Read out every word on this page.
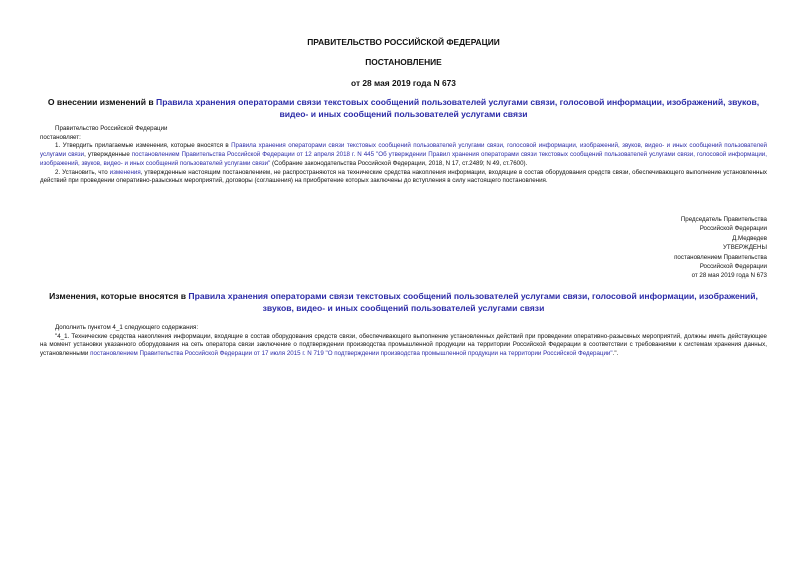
ПРАВИТЕЛЬСТВО РОССИЙСКОЙ ФЕДЕРАЦИИ
ПОСТАНОВЛЕНИЕ
от 28 мая 2019 года N 673
О внесении изменений в Правила хранения операторами связи текстовых сообщений пользователей услугами связи, голосовой информации, изображений, звуков, видео- и иных сообщений пользователей услугами связи

Правительство Российской Федерации

постановляет:

1. Утвердить прилагаемые изменения, которые вносятся в Правила хранения операторами связи текстовых сообщений пользователей услугами связи, голосовой информации, изображений, звуков, видео- и иных сообщений пользователей услугами связи, утвержденные постановлением Правительства Российской Федерации от 12 апреля 2018 г. N 445 "Об утверждении Правил хранения операторами связи текстовых сообщений пользователей услугами связи, голосовой информации, изображений, звуков, видео- и иных сообщений пользователей услугами связи" (Собрание законодательства Российской Федерации, 2018, N 17, ст.2489; N 49, ст.7600).

2. Установить, что изменения, утвержденные настоящим постановлением, не распространяются на технические средства накопления информации, входящие в состав оборудования средств связи, обеспечивающего выполнение установленных действий при проведении оперативно-разыскных мероприятий, договоры (соглашения) на приобретение которых заключены до вступления в силу настоящего постановления.

Председатель Правительства
Российской Федерации
Д.Медведев
УТВЕРЖДЕНЫ
постановлением Правительства
Российской Федерации
от 28 мая 2019 года N 673
Изменения, которые вносятся в Правила хранения операторами связи текстовых сообщений пользователей услугами связи, голосовой информации, изображений, звуков, видео- и иных сообщений пользователей услугами связи

Дополнить пунктом 4_1 следующего содержания:

"4_1. Технические средства накопления информации, входящие в состав оборудования средств связи, обеспечивающего выполнение установленных действий при проведении оперативно-разыскных мероприятий, должны иметь действующее на момент установки указанного оборудования на сеть оператора связи заключение о подтверждении производства промышленной продукции на территории Российской Федерации в соответствии с требованиями к системам хранения данных, установленными постановлением Правительства Российской Федерации от 17 июля 2015 г. N 719 "О подтверждении производства промышленной продукции на территории Российской Федерации".".
